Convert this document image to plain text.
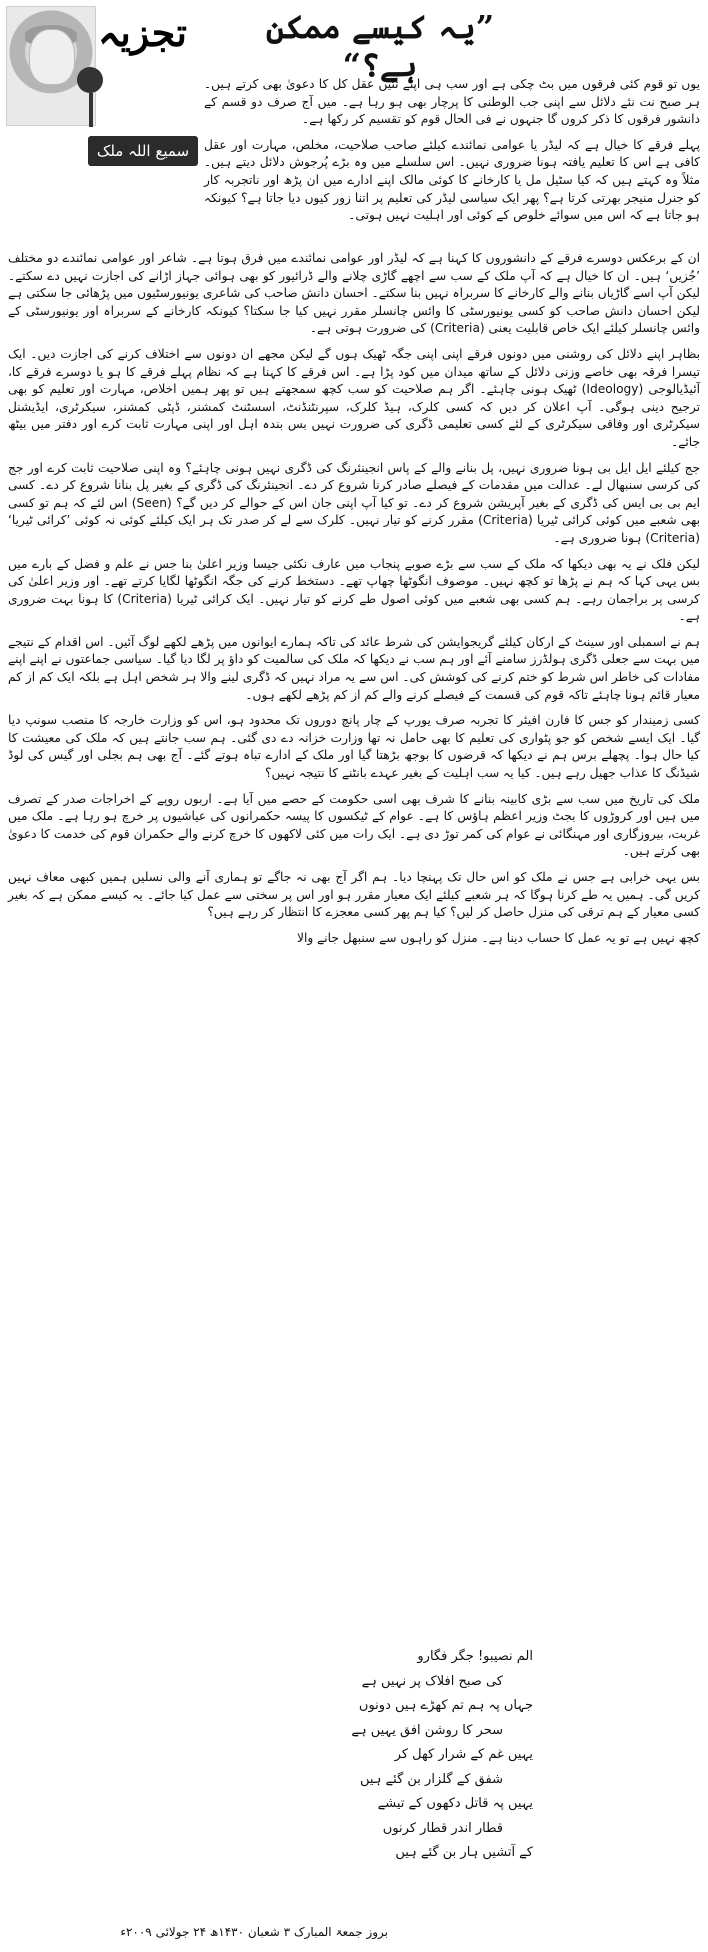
تجزیہ
سمیع اللہ ملک
”یہ کیسے ممکن ہے؟“

یوں تو قوم کئی فرقوں میں بٹ چکی ہے اور سب ہی اپنے تئیں عقل کل کا دعویٰ بھی کرتے ہیں۔ ہر صبح نت نئے دلائل سے اپنی جب الوطنی کا پرچار بھی ہو رہا ہے۔ میں آج صرف دو قسم کے دانشور فرقوں کا ذکر کروں گا جنہوں نے فی الحال قوم کو تقسیم کر رکھا ہے۔

پہلے فرقے کا خیال ہے کہ لیڈر یا عوامی نمائندے کیلئے صاحب صلاحیت، مخلص، مہارت اور عقل کافی ہے اس کا تعلیم یافتہ ہونا ضروری نہیں۔ اس سلسلے میں وہ بڑے پُرجوش دلائل دیتے ہیں۔ مثلاً وہ کہتے ہیں کہ کیا سٹیل مل یا کارخانے کا کوئی مالک اپنے ادارے میں ان پڑھ اور ناتجربہ کار کو جنرل منیجر بھرتی کرتا ہے؟ پھر ایک سیاسی لیڈر کی تعلیم پر اتنا زور کیوں دیا جاتا ہے؟ کیونکہ ہو جاتا ہے کہ اس میں سوائے خلوص کے کوئی اور اہلیت نہیں ہوتی۔

ان کے برعکس دوسرے فرقے کے دانشوروں کا کہنا ہے کہ لیڈر اور عوامی نمائندے میں فرق ہوتا ہے۔ شاعر اور عوامی نمائندے دو مختلف ’جُزیں‘ ہیں۔ ان کا خیال ہے کہ آپ ملک کے سب سے اچھے گاڑی چلانے والے ڈرائیور کو بھی ہوائی جہاز اڑانے کی اجازت نہیں دے سکتے۔ لیکن آپ اسے گاڑیاں بنانے والے کارخانے کا سربراہ نہیں بنا سکتے۔ احسان دانش صاحب کی شاعری یونیورسٹیوں میں پڑھائی جا سکتی ہے لیکن احسان دانش صاحب کو کسی یونیورسٹی کا وائس چانسلر مقرر نہیں کیا جا سکتا؟ کیونکہ کارخانے کے سربراہ اور یونیورسٹی کے وائس چانسلر کیلئے ایک خاص قابلیت یعنی (Criteria) کی ضرورت ہوتی ہے۔

بظاہر اپنے دلائل کی روشنی میں دونوں فرقے اپنی اپنی جگہ ٹھیک ہوں گے لیکن مجھے ان دونوں سے اختلاف کرنے کی اجازت دیں۔ ایک تیسرا فرقہ بھی خاصے وزنی دلائل کے ساتھ میدان میں کود پڑا ہے۔ اس فرقے کا کہنا ہے کہ نظام پہلے فرقے کا ہو یا دوسرے فرقے کا، آئیڈیالوجی (Ideology) ٹھیک ہونی چاہئے۔ اگر ہم صلاحیت کو سب کچھ سمجھتے ہیں تو پھر ہمیں اخلاص، مہارت اور تعلیم کو بھی ترجیح دینی ہوگی۔ آپ اعلان کر دیں کہ کسی کلرک، ہیڈ کلرک، سپرنٹنڈنٹ، اسسٹنٹ کمشنر، ڈپٹی کمشنر، سیکرٹری، ایڈیشنل سیکرٹری اور وفاقی سیکرٹری کے لئے کسی تعلیمی ڈگری کی ضرورت نہیں بس بندہ اہل اور اپنی مہارت ثابت کرے اور دفتر میں بیٹھ جائے۔

جج کیلئے ایل ایل بی ہونا ضروری نہیں، پل بنانے والے کے پاس انجینئرنگ کی ڈگری نہیں ہونی چاہئے؟ وہ اپنی صلاحیت ثابت کرے اور جج کی کرسی سنبھال لے۔ عدالت میں مقدمات کے فیصلے صادر کرنا شروع کر دے۔ انجینئرنگ کی ڈگری کے بغیر پل بنانا شروع کر دے۔ کسی ایم بی بی ایس کی ڈگری کے بغیر آپریشن شروع کر دے۔ تو کیا آپ اپنی جان اس کے حوالے کر دیں گے؟ (Seen) اس لئے کہ ہم تو کسی بھی شعبے میں کوئی کرائی ٹیریا (Criteria) مقرر کرنے کو تیار نہیں۔ کلرک سے لے کر صدر تک ہر ایک کیلئے کوئی نہ کوئی ’کرائی ٹیریا‘ (Criteria) ہونا ضروری ہے۔

لیکن فلک نے یہ بھی دیکھا کہ ملک کے سب سے بڑے صوبے پنجاب میں عارف نکئی جیسا وزیر اعلیٰ بنا جس نے علم و فضل کے بارے میں بس یہی کہا کہ ہم نے پڑھا تو کچھ نہیں۔ موصوف انگوٹھا چھاپ تھے۔ دستخط کرنے کی جگہ انگوٹھا لگایا کرتے تھے۔ اور وزیر اعلیٰ کی کرسی پر براجمان رہے۔ ہم کسی بھی شعبے میں کوئی اصول طے کرنے کو تیار نہیں۔ ایک کرائی ٹیریا (Criteria) کا ہونا بہت ضروری ہے۔

ہم نے اسمبلی اور سینٹ کے ارکان کیلئے گریجوایشن کی شرط عائد کی تاکہ ہمارے ایوانوں میں پڑھے لکھے لوگ آئیں۔ اس اقدام کے نتیجے میں بہت سے جعلی ڈگری ہولڈرز سامنے آئے اور ہم سب نے دیکھا کہ ملک کی سالمیت کو داؤ پر لگا دیا گیا۔ سیاسی جماعتوں نے اپنے اپنے مفادات کی خاطر اس شرط کو ختم کرنے کی کوشش کی۔ اس سے یہ مراد نہیں کہ ڈگری لینے والا ہر شخص اہل ہے بلکہ ایک کم از کم معیار قائم ہونا چاہئے تاکہ قوم کی قسمت کے فیصلے کرنے والے کم از کم پڑھے لکھے ہوں۔

کسی زمیندار کو جس کا فارن افیئر کا تجربہ صرف یورپ کے چار پانچ دوروں تک محدود ہو، اس کو وزارت خارجہ کا منصب سونپ دیا گیا۔ ایک ایسے شخص کو جو پٹواری کی تعلیم کا بھی حامل نہ تھا وزارت خزانہ دے دی گئی۔ ہم سب جانتے ہیں کہ ملک کی معیشت کا کیا حال ہوا۔ پچھلے برس ہم نے دیکھا کہ قرضوں کا بوجھ بڑھتا گیا اور ملک کے ادارے تباہ ہوتے گئے۔ آج بھی ہم بجلی اور گیس کی لوڈ شیڈنگ کا عذاب جھیل رہے ہیں۔ کیا یہ سب اہلیت کے بغیر عہدے بانٹنے کا نتیجہ نہیں؟

ملک کی تاریخ میں سب سے بڑی کابینہ بنانے کا شرف بھی اسی حکومت کے حصے میں آیا ہے۔ اربوں روپے کے اخراجات صدر کے تصرف میں ہیں اور کروڑوں کا بجٹ وزیر اعظم ہاؤس کا ہے۔ عوام کے ٹیکسوں کا پیسہ حکمرانوں کی عیاشیوں پر خرچ ہو رہا ہے۔ ملک میں غربت، بیروزگاری اور مہنگائی نے عوام کی کمر توڑ دی ہے۔ ایک رات میں کئی لاکھوں کا خرچ کرنے والے حکمران قوم کی خدمت کا دعویٰ بھی کرتے ہیں۔

بس یہی خرابی ہے جس نے ملک کو اس حال تک پہنچا دیا۔ ہم اگر آج بھی نہ جاگے تو ہماری آنے والی نسلیں ہمیں کبھی معاف نہیں کریں گی۔ ہمیں یہ طے کرنا ہوگا کہ ہر شعبے کیلئے ایک معیار مقرر ہو اور اس پر سختی سے عمل کیا جائے۔ یہ کیسے ممکن ہے کہ بغیر کسی معیار کے ہم ترقی کی منزل حاصل کر لیں؟ کیا ہم پھر کسی معجزے کا انتظار کر رہے ہیں؟

کچھ نہیں ہے تو یہ عمل کا حساب دینا ہے۔ منزل کو راہوں سے سنبھل جانے والا

الم نصیبو! جگر فگارو
کی صبح افلاک پر نہیں ہے
جہاں پہ ہم تم کھڑے ہیں دونوں
سحر کا روشن افق یہیں ہے
یہیں غم کے شرار کھل کر
شفق کے گلزار بن گئے ہیں
یہیں پہ قاتل دکھوں کے تیشے
قطار اندر قطار کرنوں
کے آتشیں ہار بن گئے ہیں
بروز جمعۃ المبارک ۳ شعبان ۱۴۳۰ھ ۲۴ جولائی ۲۰۰۹ء
